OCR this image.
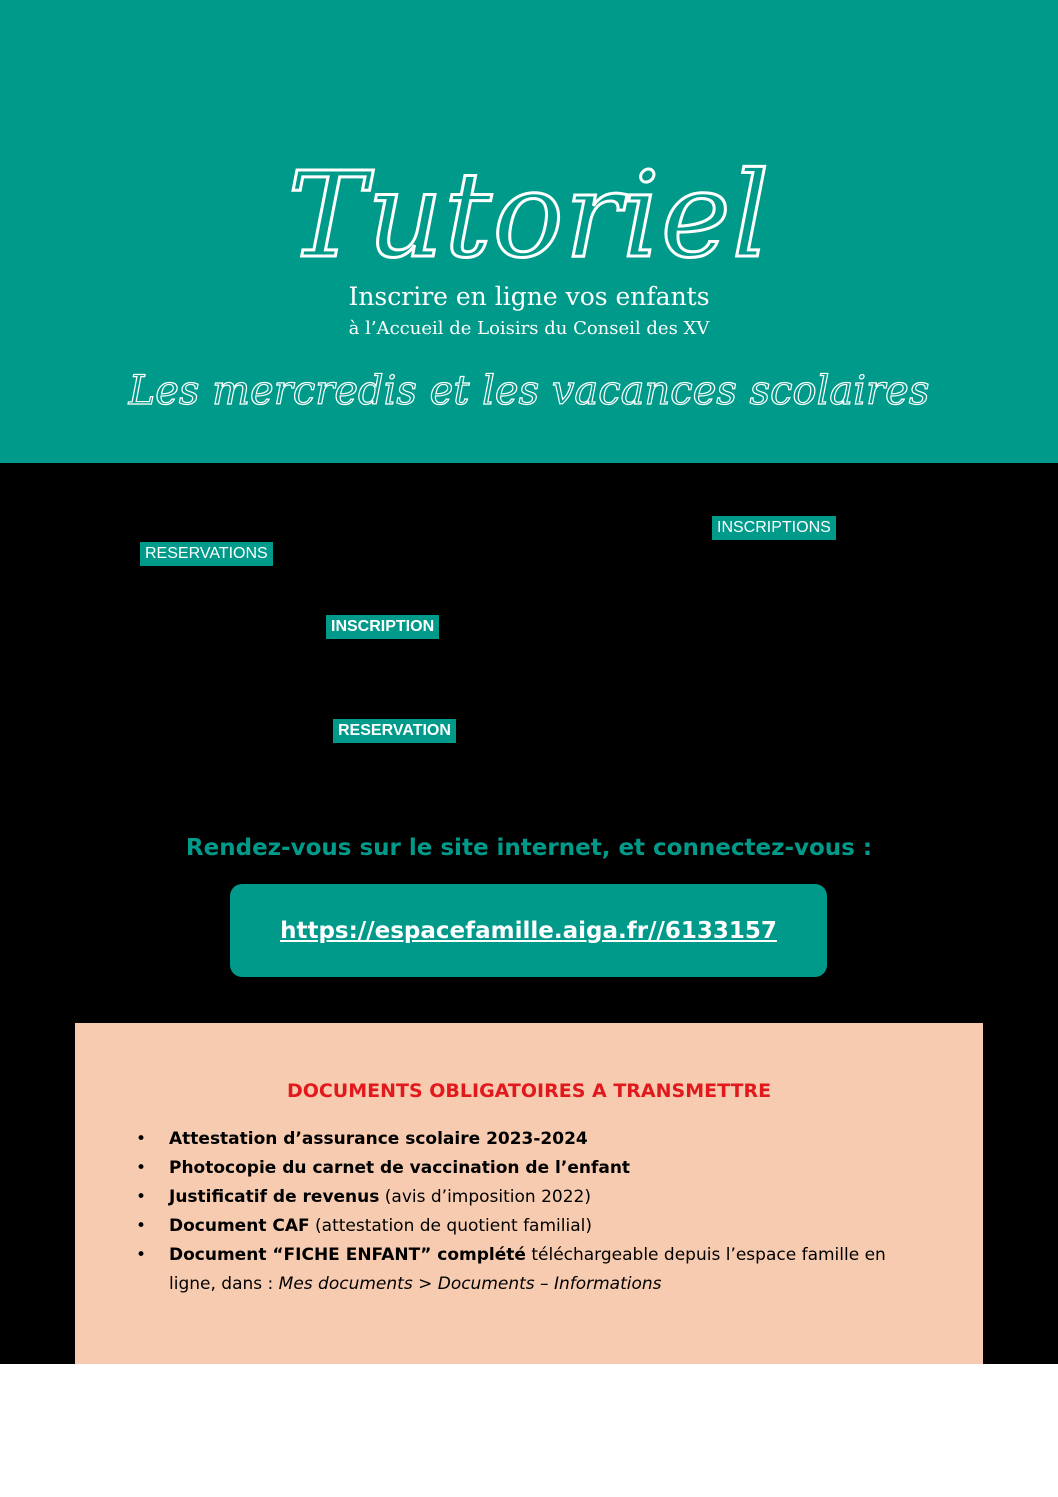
Tutoriel
Inscrire en ligne vos enfants
à l’Accueil de Loisirs du Conseil des XV
Les mercredis et les vacances scolaires
INSCRIPTIONS
RESERVATIONS
INSCRIPTION
RESERVATION
Rendez-vous sur le site internet, et connectez-vous :
https://espacefamille.aiga.fr//6133157
DOCUMENTS OBLIGATOIRES A TRANSMETTRE
• Attestation d’assurance scolaire 2023-2024
• Photocopie du carnet de vaccination de l’enfant
• Justificatif de revenus (avis d’imposition 2022)
• Document CAF (attestation de quotient familial)
• Document “FICHE ENFANT” complété téléchargeable depuis l’espace famille en ligne, dans : Mes documents > Documents – Informations
